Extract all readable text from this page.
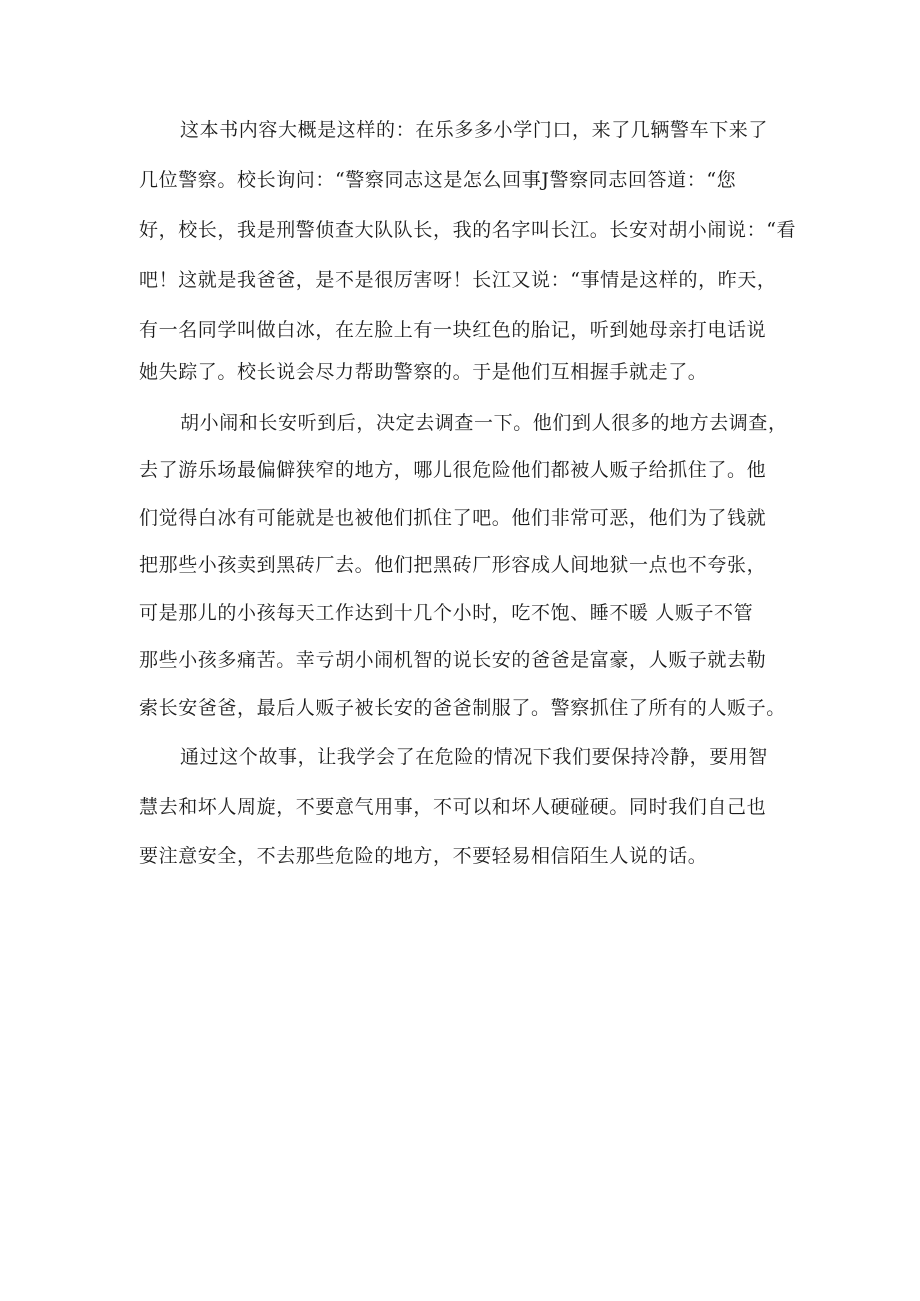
这本书内容大概是这样的：在乐多多小学门口，来了几辆警车下来了
几位警察。校长询问：“警察同志这是怎么回事J警察同志回答道：“您
好，校长，我是刑警侦查大队队长，我的名字叫长江。长安对胡小闹说：“看
吧！这就是我爸爸，是不是很厉害呀！长江又说：“事情是这样的，昨天，
有一名同学叫做白冰，在左脸上有一块红色的胎记，听到她母亲打电话说
她失踪了。校长说会尽力帮助警察的。于是他们互相握手就走了。
胡小闹和长安听到后，决定去调查一下。他们到人很多的地方去调查，
去了游乐场最偏僻狭窄的地方，哪儿很危险他们都被人贩子给抓住了。他
们觉得白冰有可能就是也被他们抓住了吧。他们非常可恶，他们为了钱就
把那些小孩卖到黑砖厂去。他们把黑砖厂形容成人间地狱一点也不夸张，
可是那儿的小孩每天工作达到十几个小时，吃不饱、睡不暖 人贩子不管
那些小孩多痛苦。幸亏胡小闹机智的说长安的爸爸是富豪，人贩子就去勒
索长安爸爸，最后人贩子被长安的爸爸制服了。警察抓住了所有的人贩子。
通过这个故事，让我学会了在危险的情况下我们要保持冷静，要用智
慧去和坏人周旋，不要意气用事，不可以和坏人硬碰硬。同时我们自己也
要注意安全，不去那些危险的地方，不要轻易相信陌生人说的话。
